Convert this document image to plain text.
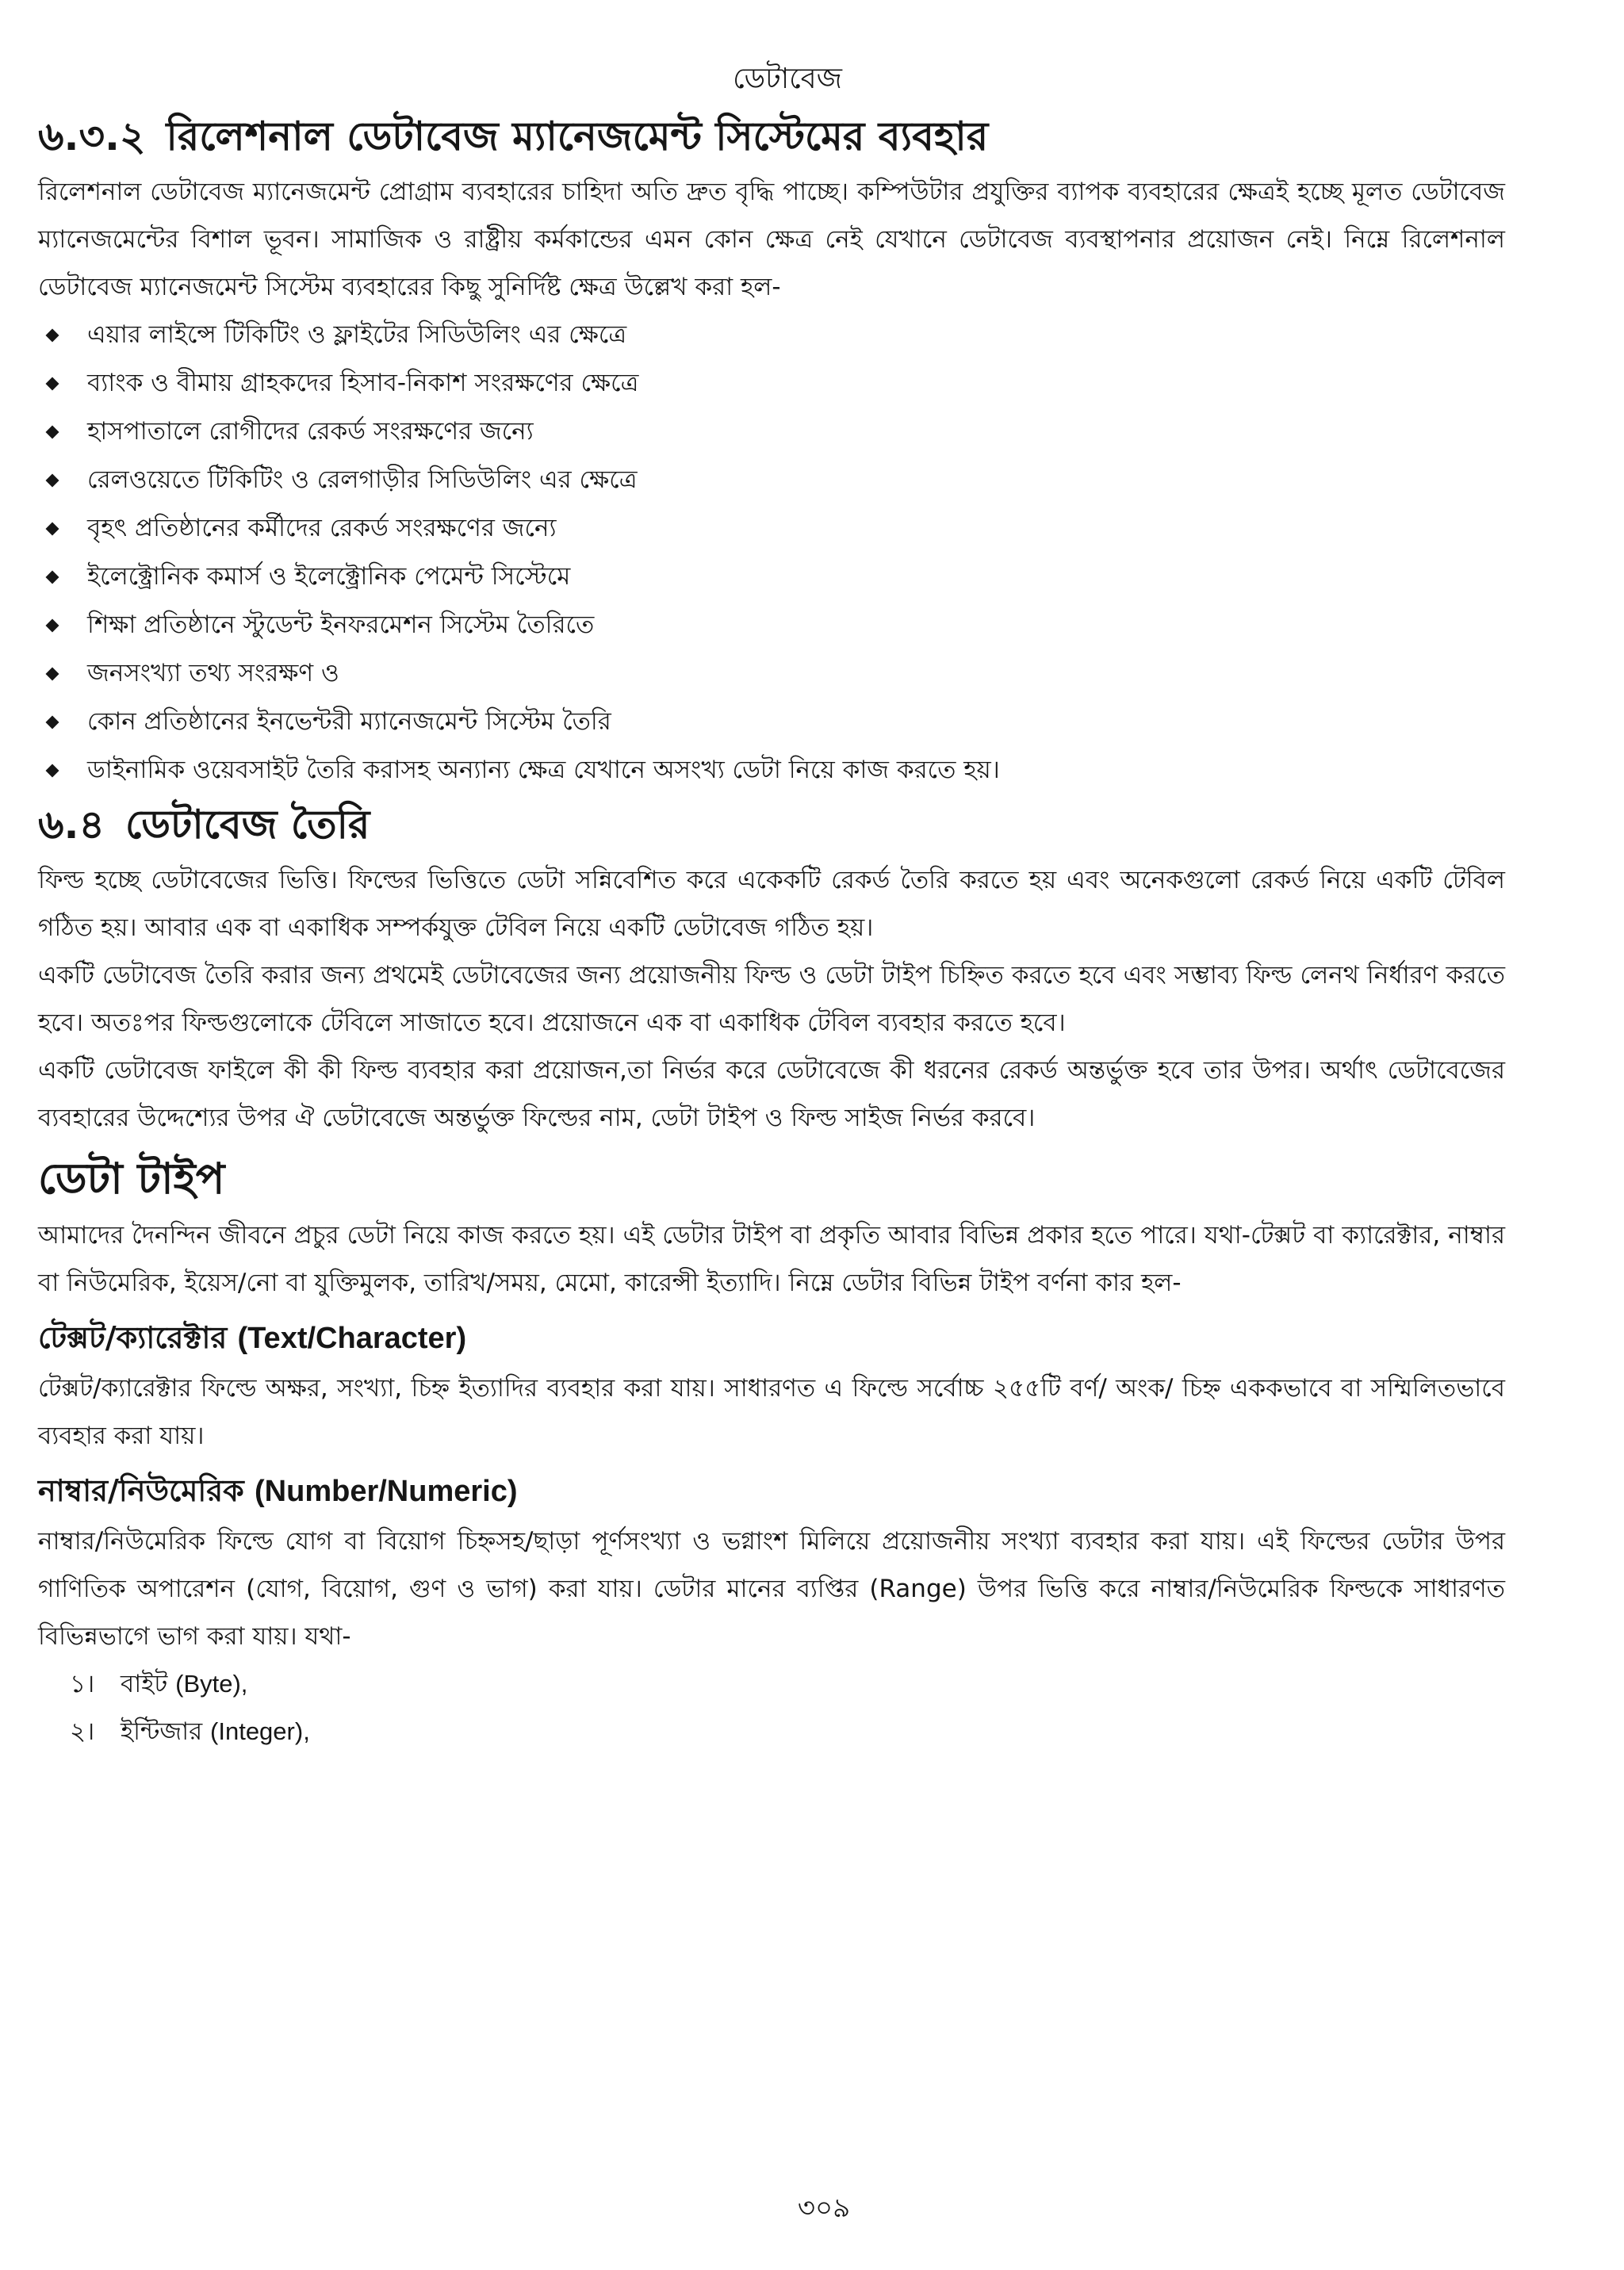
ডেটাবেজ
৬.৩.২ রিলেশনাল ডেটাবেজ ম্যানেজমেন্ট সিস্টেমের ব্যবহার

রিলেশনাল ডেটাবেজ ম্যানেজমেন্ট প্রোগ্রাম ব্যবহারের চাহিদা অতি দ্রুত বৃদ্ধি পাচ্ছে। কম্পিউটার প্রযুক্তির ব্যাপক ব্যবহারের ক্ষেত্রই হচ্ছে মূলত ডেটাবেজ ম্যানেজমেন্টের বিশাল ভূবন। সামাজিক ও রাষ্ট্রীয় কর্মকান্ডের এমন কোন ক্ষেত্র নেই যেখানে ডেটাবেজ ব্যবস্থাপনার প্রয়োজন নেই। নিম্নে রিলেশনাল ডেটাবেজ ম্যানেজমেন্ট সিস্টেম ব্যবহারের কিছু সুনির্দিষ্ট ক্ষেত্র উল্লেখ করা হল-

এয়ার লাইন্সে টিকিটিং ও ফ্লাইটের সিডিউলিং এর ক্ষেত্রে
ব্যাংক ও বীমায় গ্রাহকদের হিসাব-নিকাশ সংরক্ষণের ক্ষেত্রে
হাসপাতালে রোগীদের রেকর্ড সংরক্ষণের জন্যে
রেলওয়েতে টিকিটিং ও রেলগাড়ীর সিডিউলিং এর ক্ষেত্রে
বৃহৎ প্রতিষ্ঠানের কর্মীদের রেকর্ড সংরক্ষণের জন্যে
ইলেক্ট্রোনিক কমার্স ও ইলেক্ট্রোনিক পেমেন্ট সিস্টেমে
শিক্ষা প্রতিষ্ঠানে স্টুডেন্ট ইনফরমেশন সিস্টেম তৈরিতে
জনসংখ্যা তথ্য সংরক্ষণ ও
কোন প্রতিষ্ঠানের ইনভেন্টরী ম্যানেজমেন্ট সিস্টেম তৈরি
ডাইনামিক ওয়েবসাইট তৈরি করাসহ অন্যান্য ক্ষেত্র যেখানে অসংখ্য ডেটা নিয়ে কাজ করতে হয়।
৬.৪ ডেটাবেজ তৈরি

ফিল্ড হচ্ছে ডেটাবেজের ভিত্তি। ফিল্ডের ভিত্তিতে ডেটা সন্নিবেশিত করে একেকটি রেকর্ড তৈরি করতে হয় এবং অনেকগুলো রেকর্ড নিয়ে একটি টেবিল গঠিত হয়। আবার এক বা একাধিক সম্পর্কযুক্ত টেবিল নিয়ে একটি ডেটাবেজ গঠিত হয়।

একটি ডেটাবেজ তৈরি করার জন্য প্রথমেই ডেটাবেজের জন্য প্রয়োজনীয় ফিল্ড ও ডেটা টাইপ চিহ্নিত করতে হবে এবং সম্ভাব্য ফিল্ড লেনথ নির্ধারণ করতে হবে। অতঃপর ফিল্ডগুলোকে টেবিলে সাজাতে হবে। প্রয়োজনে এক বা একাধিক টেবিল ব্যবহার করতে হবে।

একটি ডেটাবেজ ফাইলে কী কী ফিল্ড ব্যবহার করা প্রয়োজন,তা নির্ভর করে ডেটাবেজে কী ধরনের রেকর্ড অন্তর্ভুক্ত হবে তার উপর। অর্থাৎ ডেটাবেজের ব্যবহারের উদ্দেশ্যের উপর ঐ ডেটাবেজে অন্তর্ভুক্ত ফিল্ডের নাম, ডেটা টাইপ ও ফিল্ড সাইজ নির্ভর করবে।

ডেটা টাইপ

আমাদের দৈনন্দিন জীবনে প্রচুর ডেটা নিয়ে কাজ করতে হয়। এই ডেটার টাইপ বা প্রকৃতি আবার বিভিন্ন প্রকার হতে পারে। যথা-টেক্সট বা ক্যারেক্টার, নাম্বার বা নিউমেরিক, ইয়েস/নো বা যুক্তিমুলক, তারিখ/সময়, মেমো, কারেন্সী ইত্যাদি। নিম্নে ডেটার বিভিন্ন টাইপ বর্ণনা কার হল-

টেক্সট/ক্যারেক্টার (Text/Character)

টেক্সট/ক্যারেক্টার ফিল্ডে অক্ষর, সংখ্যা, চিহ্ন ইত্যাদির ব্যবহার করা যায়। সাধারণত এ ফিল্ডে সর্বোচ্চ ২৫৫টি বর্ণ/ অংক/ চিহ্ন এককভাবে বা সম্মিলিতভাবে ব্যবহার করা যায়।

নাম্বার/নিউমেরিক (Number/Numeric)

নাম্বার/নিউমেরিক ফিল্ডে যোগ বা বিয়োগ চিহ্নসহ/ছাড়া পূর্ণসংখ্যা ও ভগ্নাংশ মিলিয়ে প্রয়োজনীয় সংখ্যা ব্যবহার করা যায়। এই ফিল্ডের ডেটার উপর গাণিতিক অপারেশন (যোগ, বিয়োগ, গুণ ও ভাগ) করা যায়। ডেটার মানের ব্যপ্তির (Range) উপর ভিত্তি করে নাম্বার/নিউমেরিক ফিল্ডকে সাধারণত বিভিন্নভাগে ভাগ করা যায়। যথা-

১। বাইট (Byte),
২। ইন্টিজার (Integer),
৩০৯
